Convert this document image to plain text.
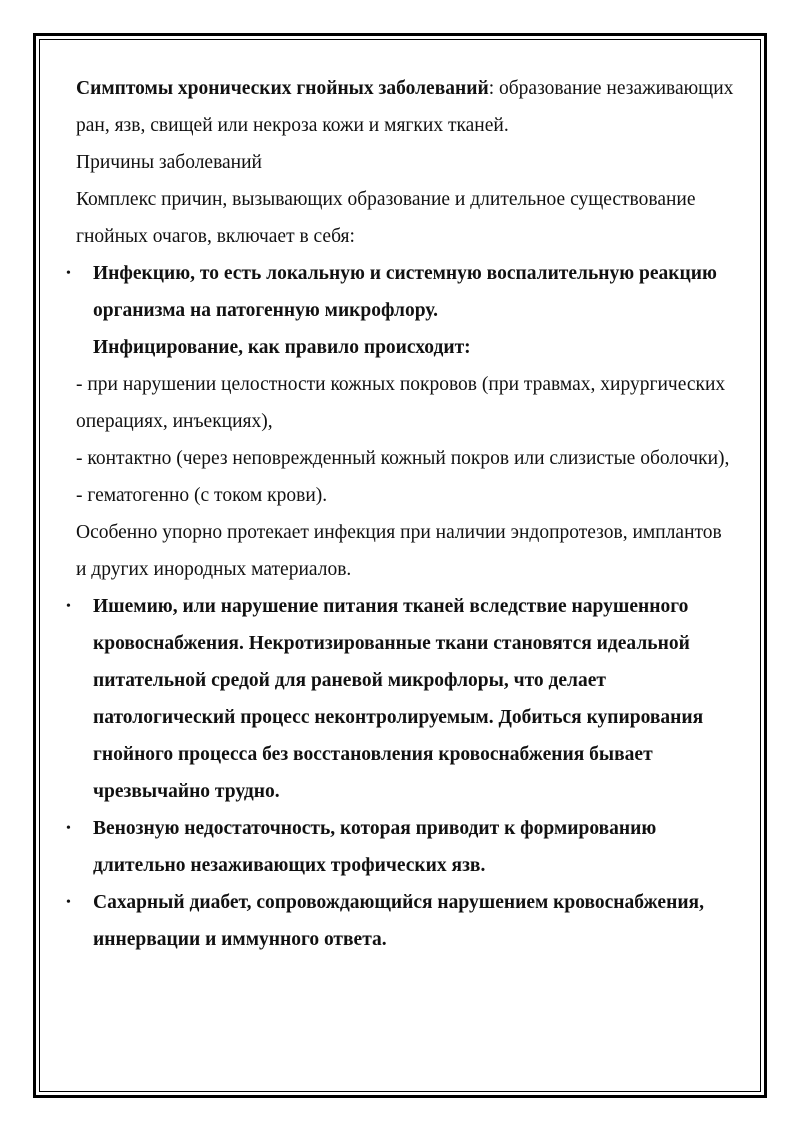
Симптомы хронических гнойных заболеваний: образование незаживающих ран, язв, свищей или некроза кожи и мягких тканей.

Причины заболеваний

Комплекс причин, вызывающих образование и длительное существование гнойных очагов, включает в себя:

• Инфекцию, то есть локальную и системную воспалительную реакцию организма на патогенную микрофлору.

Инфицирование, как правило происходит:

- при нарушении целостности кожных покровов (при травмах, хирургических операциях, инъекциях),

- контактно (через неповрежденный кожный покров или слизистые оболочки),

- гематогенно (с током крови).

Особенно упорно протекает инфекция при наличии эндопротезов, имплантов и других инородных материалов.

• Ишемию, или нарушение питания тканей вследствие нарушенного кровоснабжения. Некротизированные ткани становятся идеальной питательной средой для раневой микрофлоры, что делает патологический процесс неконтролируемым. Добиться купирования гнойного процесса без восстановления кровоснабжения бывает чрезвычайно трудно.

• Венозную недостаточность, которая приводит к формированию длительно незаживающих трофических язв.

• Сахарный диабет, сопровождающийся нарушением кровоснабжения, иннервации и иммунного ответа.
